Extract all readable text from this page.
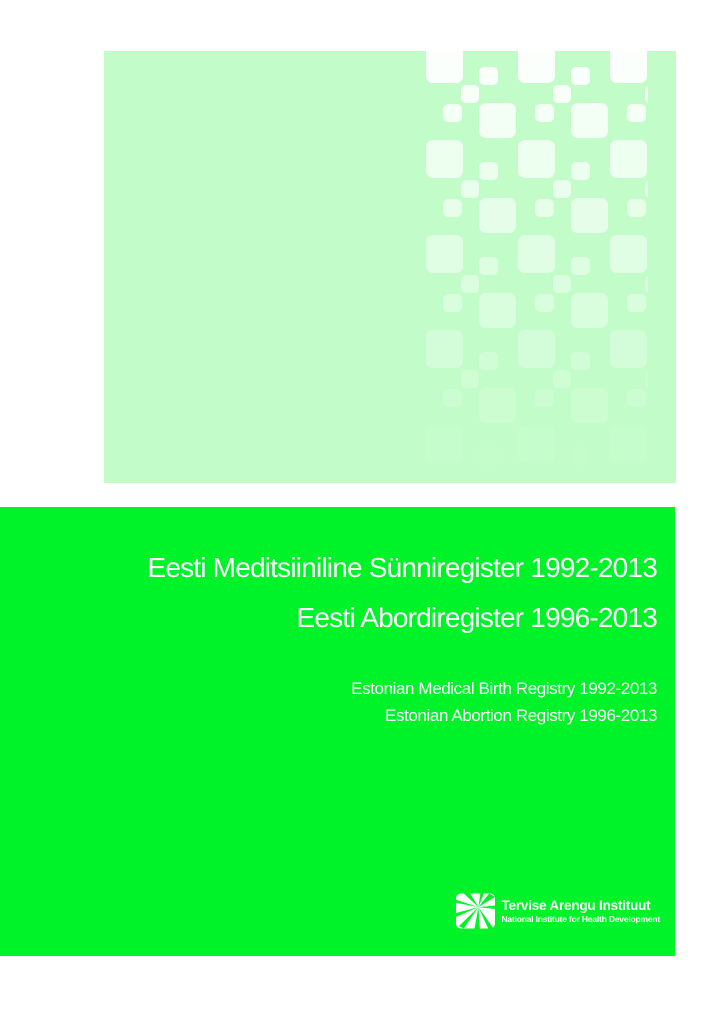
Eesti Meditsiiniline Sünniregister 1992-2013
Eesti Abordiregister 1996-2013
Estonian Medical Birth Registry 1992-2013
Estonian Abortion Registry 1996-2013
Tervise Arengu Instituut
National Institute for Health Development
